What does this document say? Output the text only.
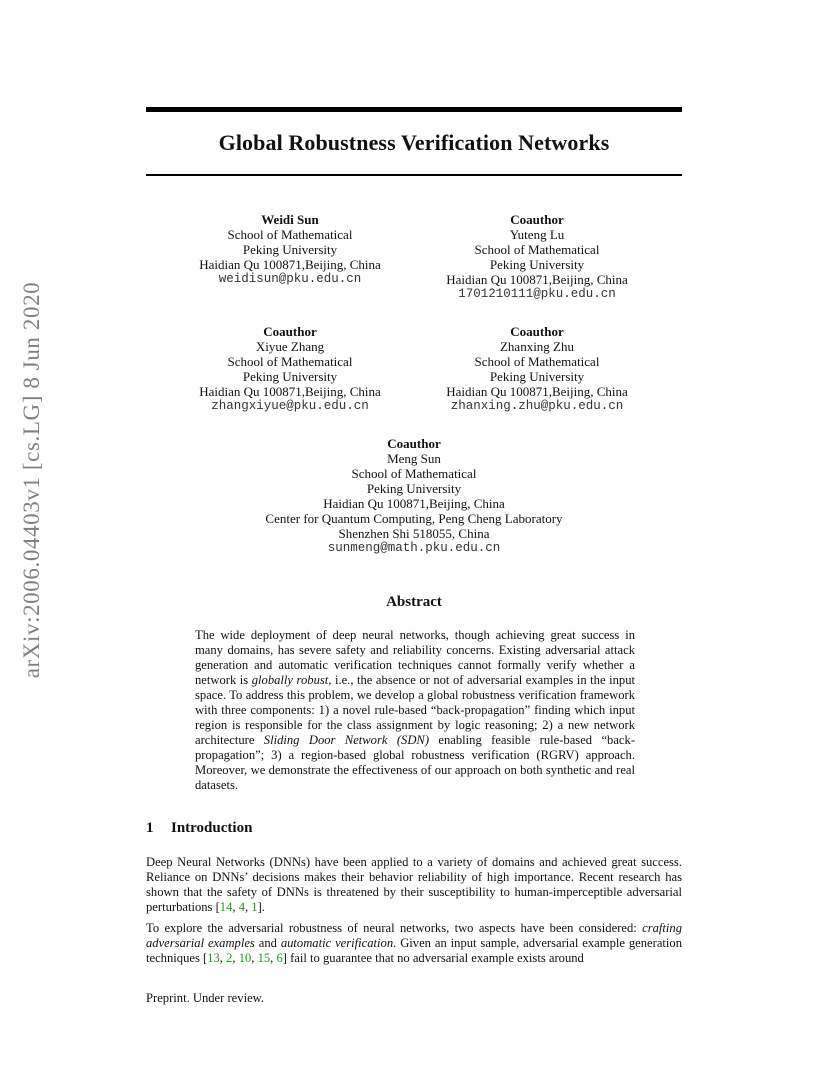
Global Robustness Verification Networks
arXiv:2006.04403v1 [cs.LG] 8 Jun 2020
Weidi Sun
School of Mathematical
Peking University
Haidian Qu 100871,Beijing, China
weidisun@pku.edu.cn
Coauthor
Yuteng Lu
School of Mathematical
Peking University
Haidian Qu 100871,Beijing, China
1701210111@pku.edu.cn
Coauthor
Xiyue Zhang
School of Mathematical
Peking University
Haidian Qu 100871,Beijing, China
zhangxiyue@pku.edu.cn
Coauthor
Zhanxing Zhu
School of Mathematical
Peking University
Haidian Qu 100871,Beijing, China
zhanxing.zhu@pku.edu.cn
Coauthor
Meng Sun
School of Mathematical
Peking University
Haidian Qu 100871,Beijing, China
Center for Quantum Computing, Peng Cheng Laboratory
Shenzhen Shi 518055, China
sunmeng@math.pku.edu.cn
Abstract
The wide deployment of deep neural networks, though achieving great success in many domains, has severe safety and reliability concerns. Existing adversarial attack generation and automatic verification techniques cannot formally verify whether a network is globally robust, i.e., the absence or not of adversarial examples in the input space. To address this problem, we develop a global robustness verification framework with three components: 1) a novel rule-based “back-propagation” finding which input region is responsible for the class assignment by logic reasoning; 2) a new network architecture Sliding Door Network (SDN) enabling feasible rule-based “back-propagation”; 3) a region-based global robustness verification (RGRV) approach. Moreover, we demonstrate the effectiveness of our approach on both synthetic and real datasets.
1 Introduction
Deep Neural Networks (DNNs) have been applied to a variety of domains and achieved great success. Reliance on DNNs’ decisions makes their behavior reliability of high importance. Recent research has shown that the safety of DNNs is threatened by their susceptibility to human-imperceptible adversarial perturbations [14, 4, 1].
To explore the adversarial robustness of neural networks, two aspects have been considered: crafting adversarial examples and automatic verification. Given an input sample, adversarial example generation techniques [13, 2, 10, 15, 6] fail to guarantee that no adversarial example exists around
Preprint. Under review.
